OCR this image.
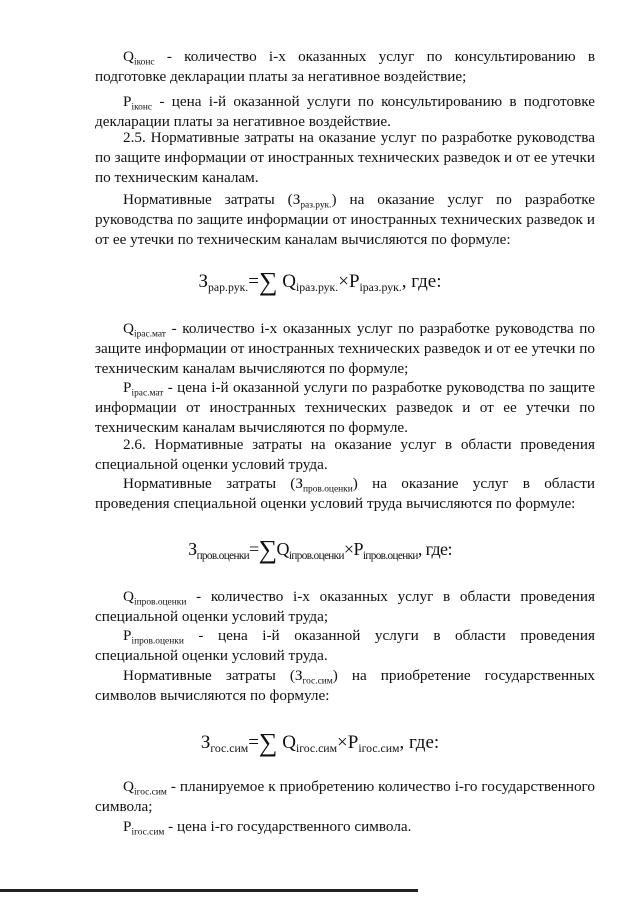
$Q_{iконс}$ - количество i-х оказанных услуг по консультированию в подготовке декларации платы за негативное воздействие;
$P_{iконс}$ - цена i-й оказанной услуги по консультированию в подготовке декларации платы за негативное воздействие.
2.5. Нормативные затраты на оказание услуг по разработке руководства по защите информации от иностранных технических разведок и от ее утечки по техническим каналам.
Нормативные затраты $(З_{раз.рук.})$ на оказание услуг по разработке руководства по защите информации от иностранных технических разведок и от ее утечки по техническим каналам вычисляются по формуле:
$З_{рар.рук.}=\sum$ $Q_{iраз.рук.}\times P_{iраз.рук.}$, где:
$Q_{iрас.мат}$ - количество i-х оказанных услуг по разработке руководства по защите информации от иностранных технических разведок и от ее утечки по техническим каналам вычисляются по формуле;
$P_{iрас.мат}$ - цена i-й оказанной услуги по разработке руководства по защите информации от иностранных технических разведок и от ее утечки по техническим каналам вычисляются по формуле.
2.6. Нормативные затраты на оказание услуг в области проведения специальной оценки условий труда.
Нормативные затраты $(З_{пров.оценки})$ на оказание услуг в области проведения специальной оценки условий труда вычисляются по формуле:
$З_{пров.оценки}=\sum Q_{iпров.оценки}\times P_{iпров.оценки}$, где:
$Q_{iпров.оценки}$ - количество i-х оказанных услуг в области проведения специальной оценки условий труда;
$P_{iпров.оценки}$ - цена i-й оказанной услуги в области проведения специальной оценки условий труда.
Нормативные затраты $(З_{гос.сим})$ на приобретение государственных символов вычисляются по формуле:
$З_{гос.сим}=\sum$ $Q_{iгос.сим}\times P_{iгос.сим}$, где:
$Q_{iгос.сим}$ - планируемое к приобретению количество i-го государственного символа;
$P_{iгос.сим}$ - цена i-го государственного символа.
